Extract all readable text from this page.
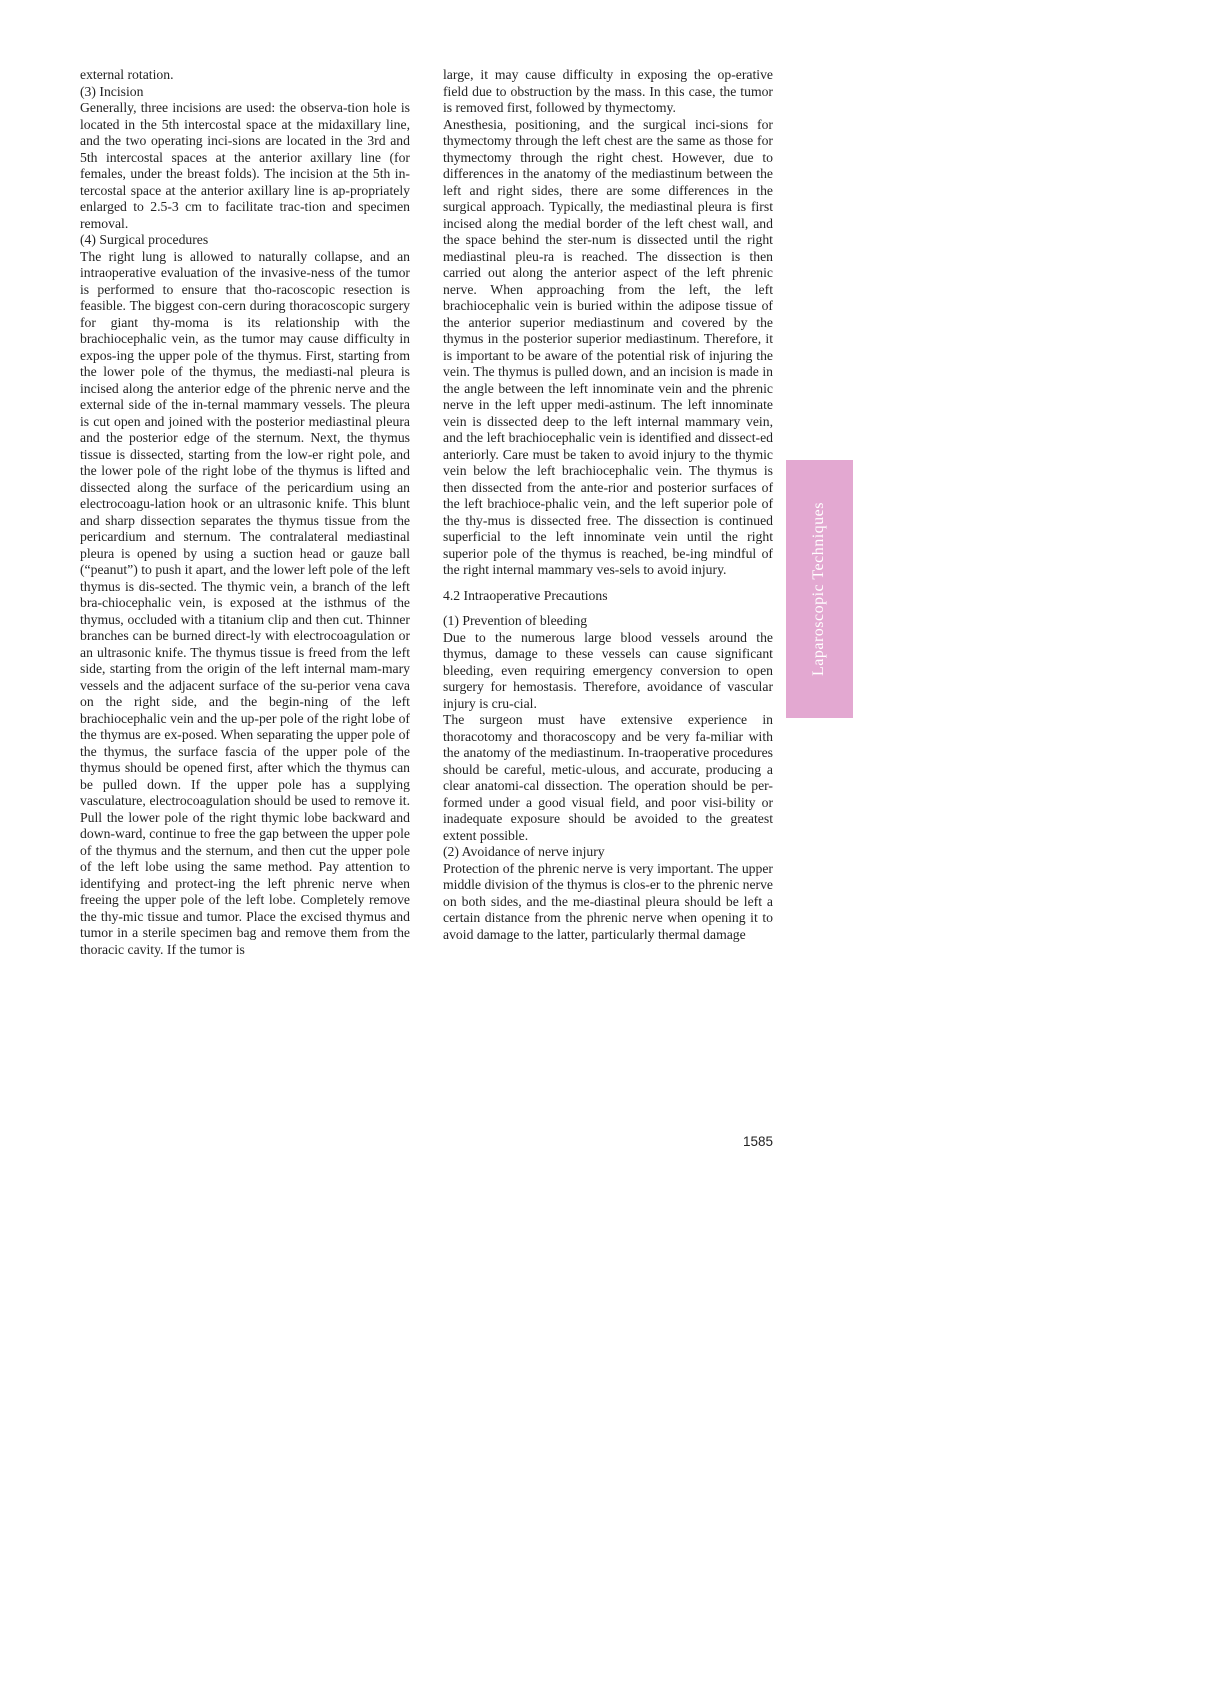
external rotation.

(3) Incision

Generally, three incisions are used: the observa-tion hole is located in the 5th intercostal space at the midaxillary line, and the two operating inci-sions are located in the 3rd and 5th intercostal spaces at the anterior axillary line (for females, under the breast folds). The incision at the 5th in-tercostal space at the anterior axillary line is ap-propriately enlarged to 2.5-3 cm to facilitate trac-tion and specimen removal.

(4) Surgical procedures

The right lung is allowed to naturally collapse, and an intraoperative evaluation of the invasive-ness of the tumor is performed to ensure that tho-racoscopic resection is feasible. The biggest con-cern during thoracoscopic surgery for giant thy-moma is its relationship with the brachiocephalic vein, as the tumor may cause difficulty in expos-ing the upper pole of the thymus. First, starting from the lower pole of the thymus, the mediasti-nal pleura is incised along the anterior edge of the phrenic nerve and the external side of the in-ternal mammary vessels. The pleura is cut open and joined with the posterior mediastinal pleura and the posterior edge of the sternum. Next, the thymus tissue is dissected, starting from the low-er right pole, and the lower pole of the right lobe of the thymus is lifted and dissected along the surface of the pericardium using an electrocoagu-lation hook or an ultrasonic knife. This blunt and sharp dissection separates the thymus tissue from the pericardium and sternum. The contralateral mediastinal pleura is opened by using a suction head or gauze ball (“peanut”) to push it apart, and the lower left pole of the left thymus is dis-sected. The thymic vein, a branch of the left bra-chiocephalic vein, is exposed at the isthmus of the thymus, occluded with a titanium clip and then cut. Thinner branches can be burned direct-ly with electrocoagulation or an ultrasonic knife. The thymus tissue is freed from the left side, starting from the origin of the left internal mam-mary vessels and the adjacent surface of the su-perior vena cava on the right side, and the begin-ning of the left brachiocephalic vein and the up-per pole of the right lobe of the thymus are ex-posed. When separating the upper pole of the thymus, the surface fascia of the upper pole of the thymus should be opened first, after which the thymus can be pulled down. If the upper pole has a supplying vasculature, electrocoagulation should be used to remove it. Pull the lower pole of the right thymic lobe backward and down-ward, continue to free the gap between the upper pole of the thymus and the sternum, and then cut the upper pole of the left lobe using the same method. Pay attention to identifying and protect-ing the left phrenic nerve when freeing the upper pole of the left lobe. Completely remove the thy-mic tissue and tumor. Place the excised thymus and tumor in a sterile specimen bag and remove them from the thoracic cavity. If the tumor is

large, it may cause difficulty in exposing the op-erative field due to obstruction by the mass. In this case, the tumor is removed first, followed by thymectomy.

Anesthesia, positioning, and the surgical inci-sions for thymectomy through the left chest are the same as those for thymectomy through the right chest. However, due to differences in the anatomy of the mediastinum between the left and right sides, there are some differences in the surgical approach. Typically, the mediastinal pleura is first incised along the medial border of the left chest wall, and the space behind the ster-num is dissected until the right mediastinal pleu-ra is reached. The dissection is then carried out along the anterior aspect of the left phrenic nerve. When approaching from the left, the left brachiocephalic vein is buried within the adipose tissue of the anterior superior mediastinum and covered by the thymus in the posterior superior mediastinum. Therefore, it is important to be aware of the potential risk of injuring the vein. The thymus is pulled down, and an incision is made in the angle between the left innominate vein and the phrenic nerve in the left upper medi-astinum. The left innominate vein is dissected deep to the left internal mammary vein, and the left brachiocephalic vein is identified and dissect-ed anteriorly. Care must be taken to avoid injury to the thymic vein below the left brachiocephalic vein. The thymus is then dissected from the ante-rior and posterior surfaces of the left brachioce-phalic vein, and the left superior pole of the thy-mus is dissected free. The dissection is continued superficial to the left innominate vein until the right superior pole of the thymus is reached, be-ing mindful of the right internal mammary ves-sels to avoid injury.

4.2 Intraoperative Precautions

(1) Prevention of bleeding

Due to the numerous large blood vessels around the thymus, damage to these vessels can cause significant bleeding, even requiring emergency conversion to open surgery for hemostasis. Therefore, avoidance of vascular injury is cru-cial.

The surgeon must have extensive experience in thoracotomy and thoracoscopy and be very fa-miliar with the anatomy of the mediastinum. In-traoperative procedures should be careful, metic-ulous, and accurate, producing a clear anatomi-cal dissection. The operation should be per-formed under a good visual field, and poor visi-bility or inadequate exposure should be avoided to the greatest extent possible.

(2) Avoidance of nerve injury

Protection of the phrenic nerve is very important. The upper middle division of the thymus is clos-er to the phrenic nerve on both sides, and the me-diastinal pleura should be left a certain distance from the phrenic nerve when opening it to avoid damage to the latter, particularly thermal damage

Laparoscopic Techniques
1585
